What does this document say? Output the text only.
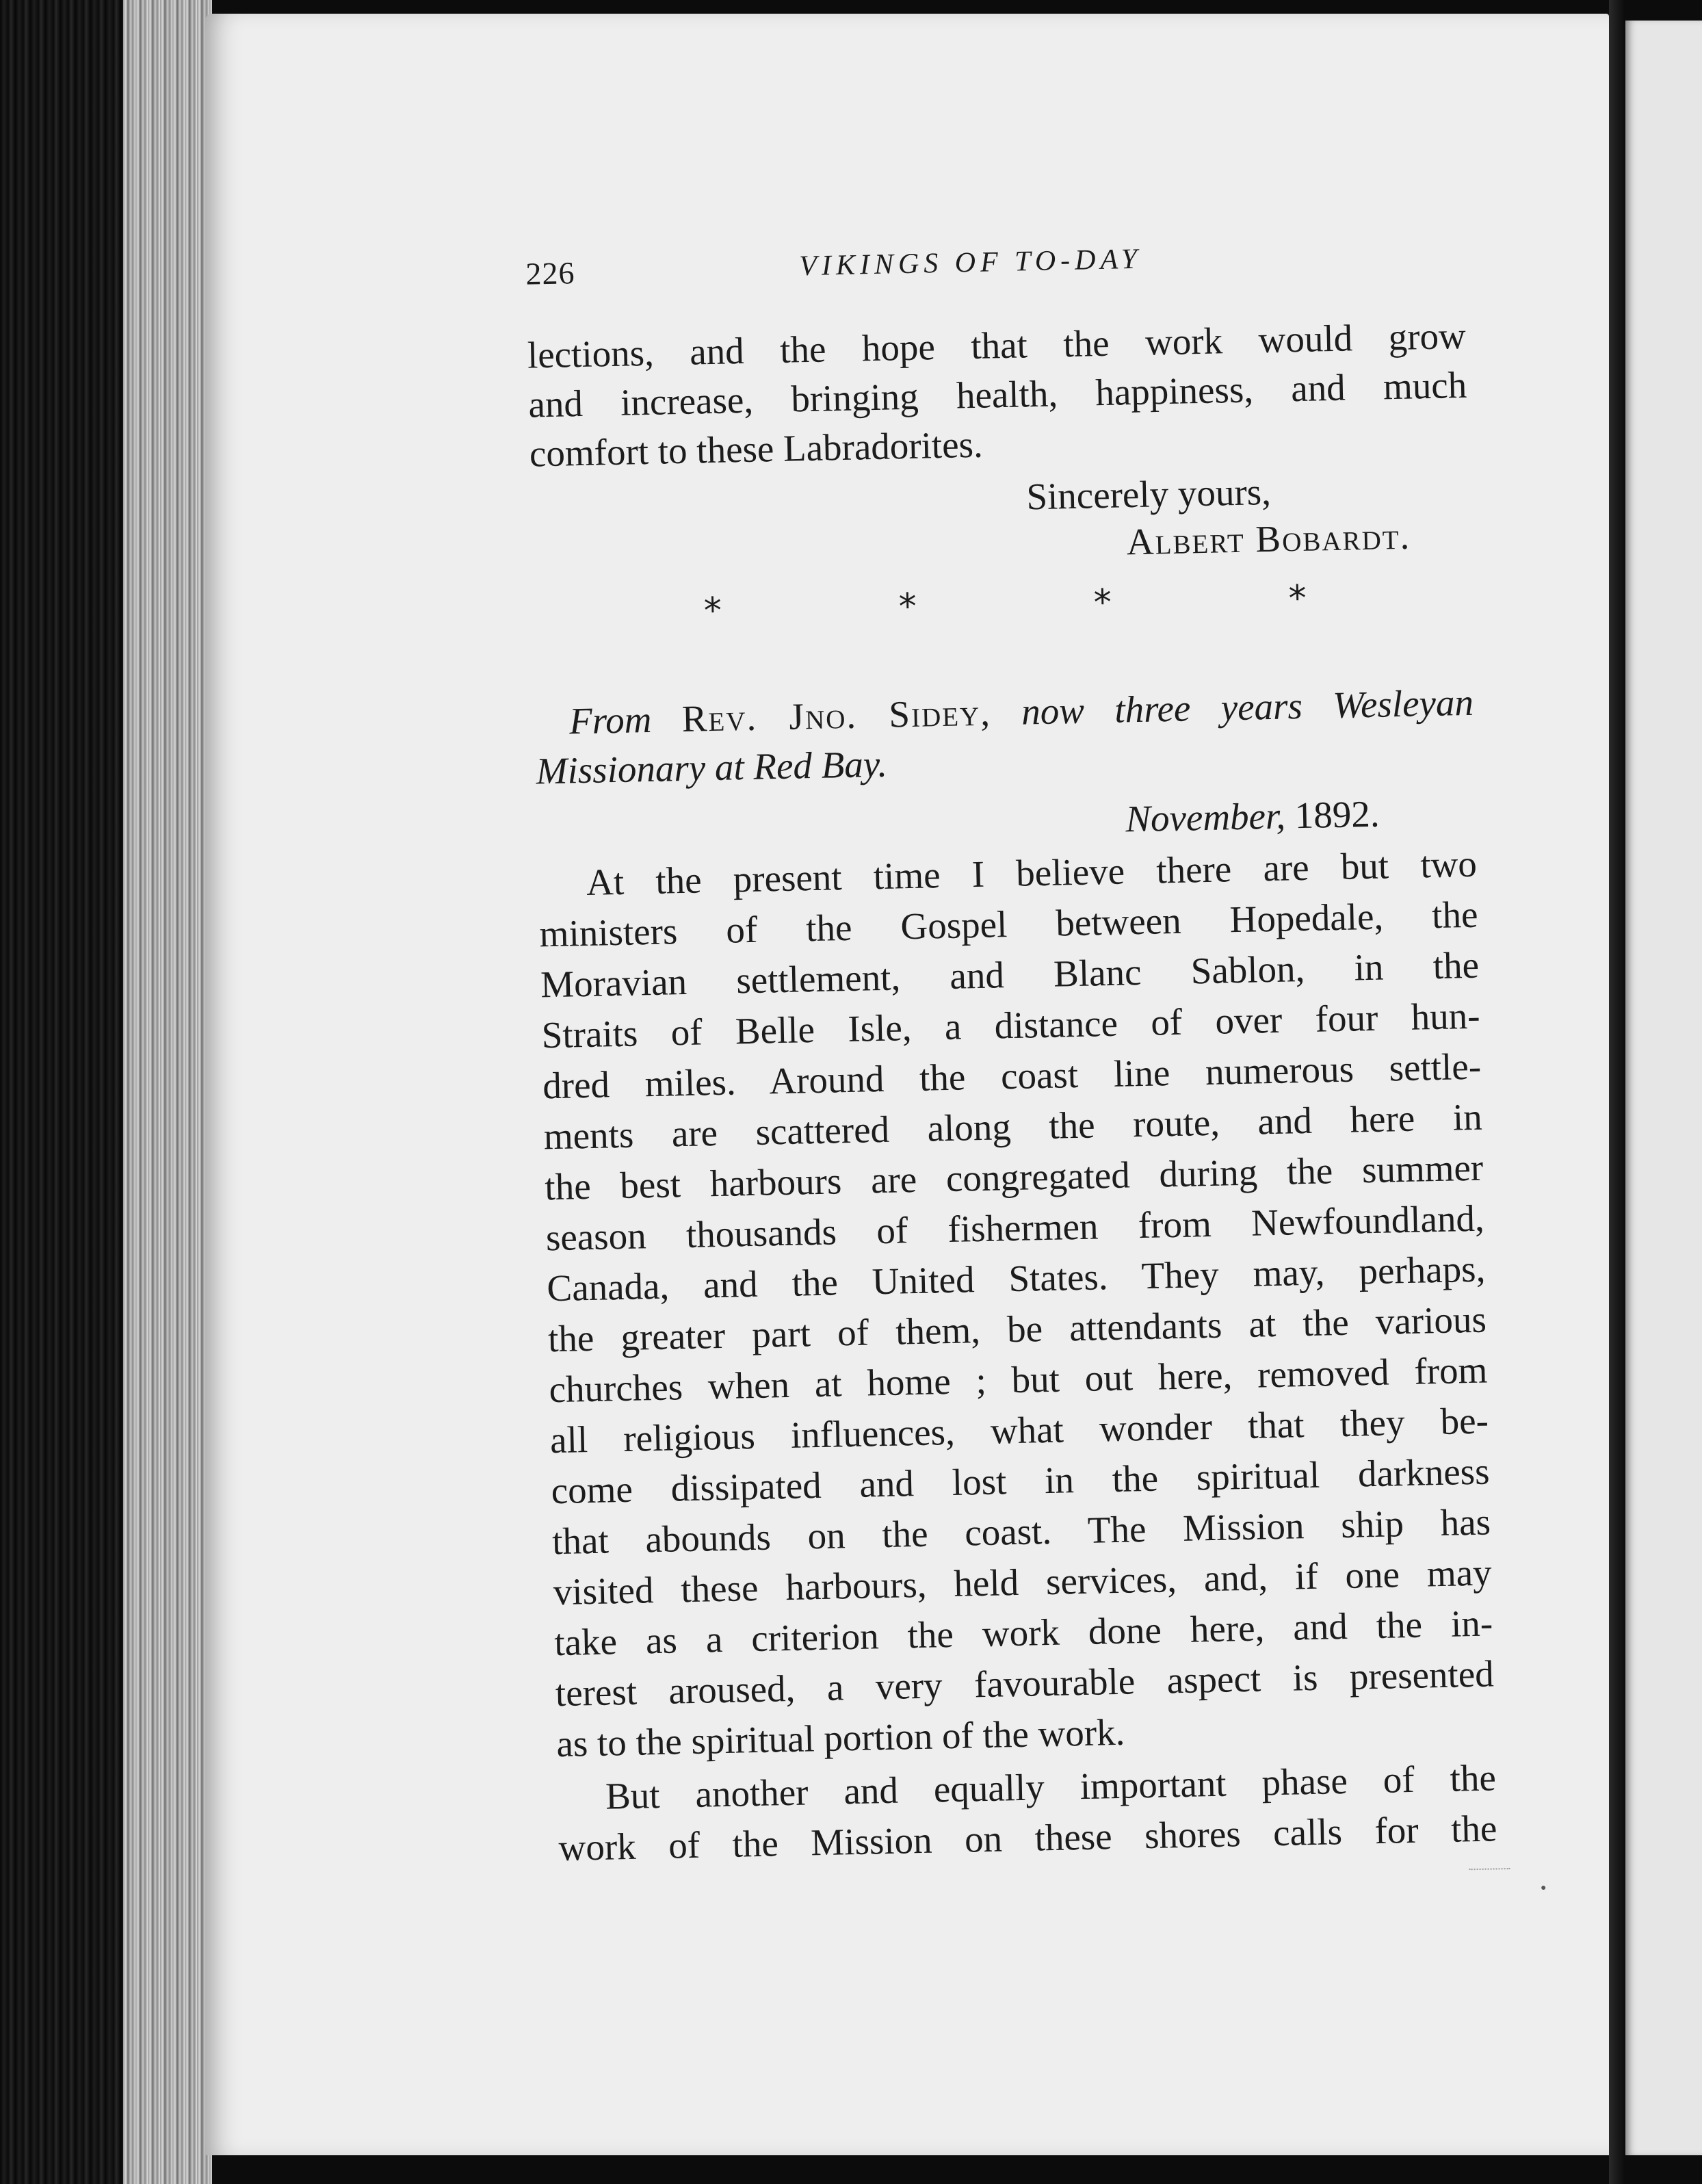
226	VIKINGS OF TO-DAY
lections, and the hope that the work would grow
and increase, bringing health, happiness, and much
comfort to these Labradorites.
Sincerely yours,
Albert Bobardt.
*	*	*	*
From Rev. Jno. Sidey, now three years Wesleyan
Missionary at Red Bay.
November, 1892.
At the present time I believe there are but two
ministers of the Gospel between Hopedale, the
Moravian settlement, and Blanc Sablon, in the
Straits of Belle Isle, a distance of over four hun-
dred miles. Around the coast line numerous settle-
ments are scattered along the route, and here in
the best harbours are congregated during the summer
season thousands of fishermen from Newfoundland,
Canada, and the United States. They may, perhaps,
the greater part of them, be attendants at the various
churches when at home ; but out here, removed from
all religious influences, what wonder that they be-
come dissipated and lost in the spiritual darkness
that abounds on the coast. The Mission ship has
visited these harbours, held services, and, if one may
take as a criterion the work done here, and the in-
terest aroused, a very favourable aspect is presented
as to the spiritual portion of the work.
But another and equally important phase of the
work of the Mission on these shores calls for the
